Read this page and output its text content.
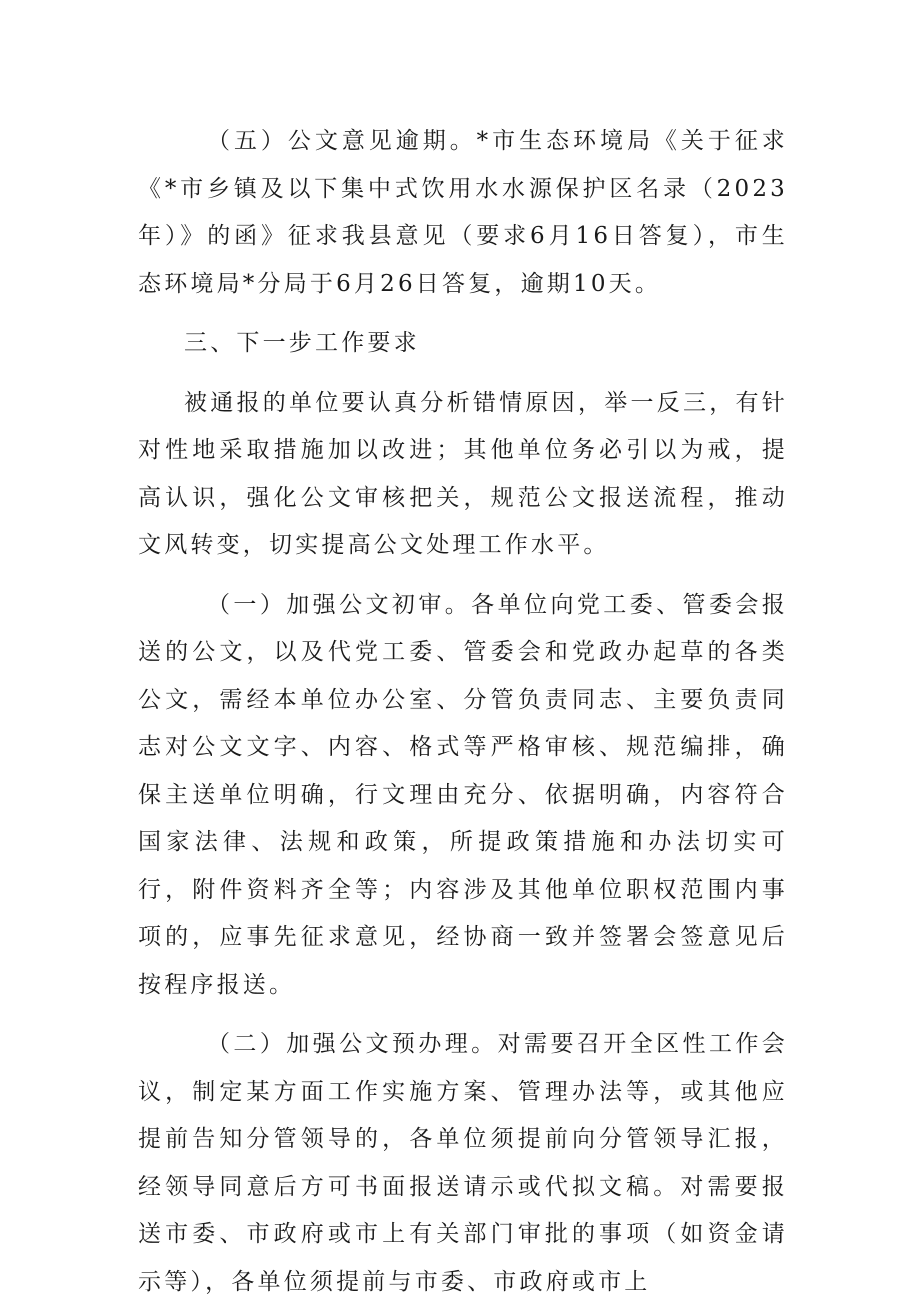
（五）公文意见逾期。*市生态环境局《关于征求《*市乡镇及以下集中式饮用水水源保护区名录（2023年）》的函》征求我县意见（要求6月16日答复），市生态环境局*分局于6月26日答复，逾期10天。

三、下一步工作要求

被通报的单位要认真分析错情原因，举一反三，有针对性地采取措施加以改进；其他单位务必引以为戒，提高认识，强化公文审核把关，规范公文报送流程，推动文风转变，切实提高公文处理工作水平。

（一）加强公文初审。各单位向党工委、管委会报送的公文，以及代党工委、管委会和党政办起草的各类公文，需经本单位办公室、分管负责同志、主要负责同志对公文文字、内容、格式等严格审核、规范编排，确保主送单位明确，行文理由充分、依据明确，内容符合国家法律、法规和政策，所提政策措施和办法切实可行，附件资料齐全等；内容涉及其他单位职权范围内事项的，应事先征求意见，经协商一致并签署会签意见后按程序报送。

（二）加强公文预办理。对需要召开全区性工作会议，制定某方面工作实施方案、管理办法等，或其他应提前告知分管领导的，各单位须提前向分管领导汇报，经领导同意后方可书面报送请示或代拟文稿。对需要报送市委、市政府或市上有关部门审批的事项（如资金请示等），各单位须提前与市委、市政府或市上
